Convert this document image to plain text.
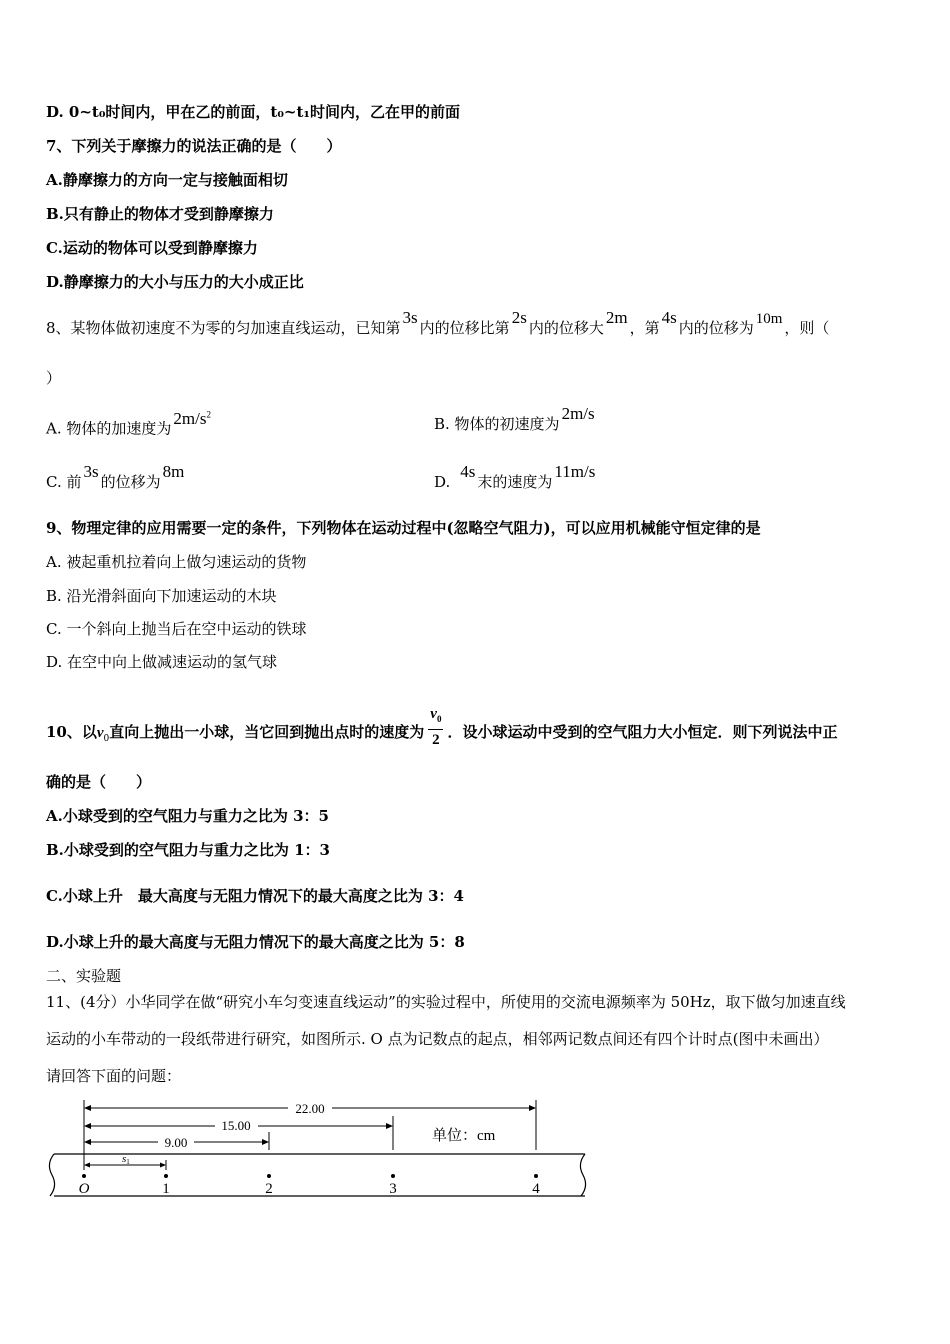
D. 0~t₀时间内，甲在乙的前面，t₀~t₁时间内，乙在甲的前面
7、下列关于摩擦力的说法正确的是（　　）
A.静摩擦力的方向一定与接触面相切
B.只有静止的物体才受到静摩擦力
C.运动的物体可以受到静摩擦力
D.静摩擦力的大小与压力的大小成正比
8、某物体做初速度不为零的匀加速直线运动，已知第3s内的位移比第2s内的位移大2m，第4s内的位移为 10m ，则（
）
A. 物体的加速度为$2m/s^2$
B. 物体的初速度为2m/s
C. 前3s的位移为8m
D.4s末的速度为11m/s
9、物理定律的应用需要一定的条件，下列物体在运动过程中(忽略空气阻力)，可以应用机械能守恒定律的是
A. 被起重机拉着向上做匀速运动的货物
B. 沿光滑斜面向下加速运动的木块
C. 一个斜向上抛当后在空中运动的铁球
D. 在空中向上做减速运动的氢气球
10、以$v_0$直向上抛出一小球，当它回到抛出点时的速度为 $\frac{v_0}{2}$ ．设小球运动中受到的空气阻力大小恒定．则下列说法中正
确的是（　　）
A.小球受到的空气阻力与重力之比为 3：5
B.小球受到的空气阻力与重力之比为 1：3
C.小球上升　最大高度与无阻力情况下的最大高度之比为 3：4
D.小球上升的最大高度与无阻力情况下的最大高度之比为 5：8
二、实验题
11、(4分）小华同学在做“研究小车匀变速直线运动”的实验过程中，所使用的交流电源频率为 50Hz，取下做匀加速直线
运动的小车带动的一段纸带进行研究，如图所示. O 点为记数点的起点，相邻两记数点间还有四个计时点(图中未画出）
请回答下面的问题：
22.00
15.00
9.00
s1
单位：cm
O	1	2	3	4
